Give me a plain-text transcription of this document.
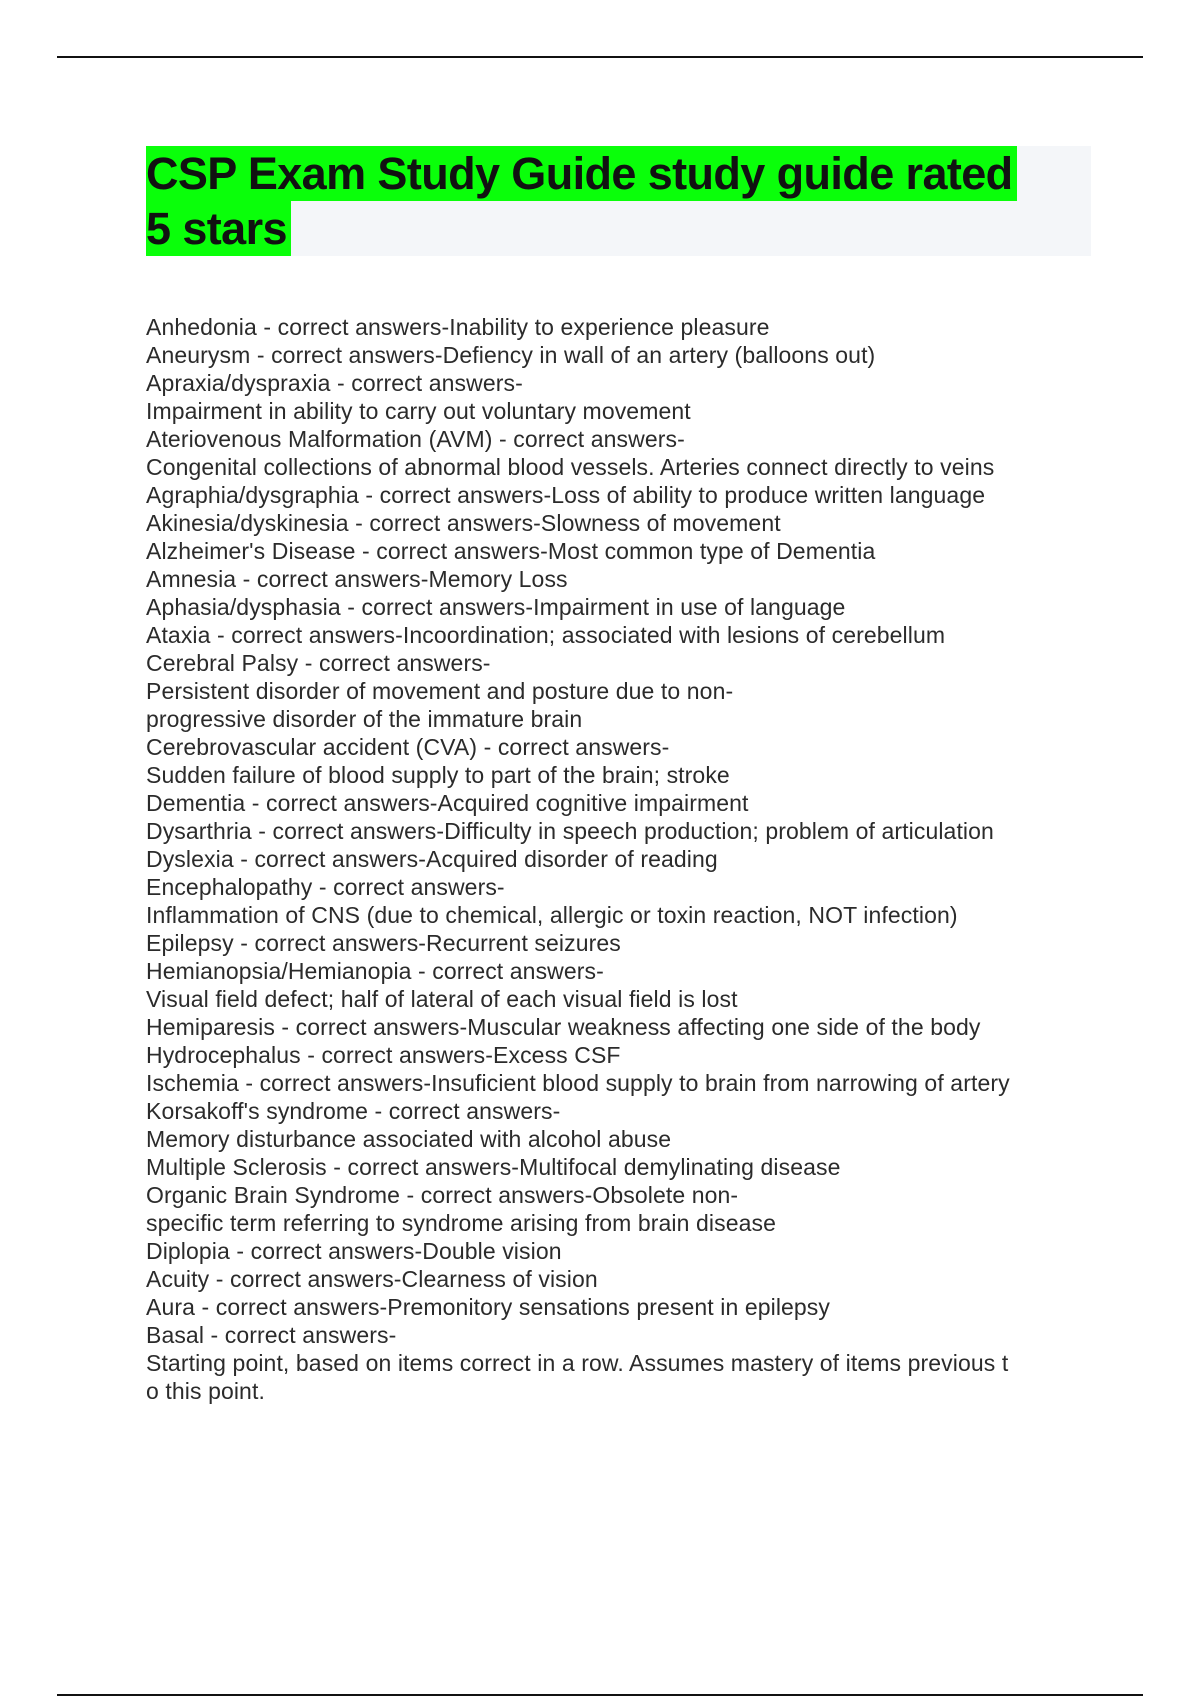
CSP Exam Study Guide study guide rated
5 stars
Anhedonia - correct answers-Inability to experience pleasure
Aneurysm - correct answers-Defiency in wall of an artery (balloons out)
Apraxia/dyspraxia - correct answers-
Impairment in ability to carry out voluntary movement
Ateriovenous Malformation (AVM) - correct answers-
Congenital collections of abnormal blood vessels. Arteries connect directly to veins
Agraphia/dysgraphia - correct answers-Loss of ability to produce written language
Akinesia/dyskinesia - correct answers-Slowness of movement
Alzheimer's Disease - correct answers-Most common type of Dementia
Amnesia - correct answers-Memory Loss
Aphasia/dysphasia - correct answers-Impairment in use of language
Ataxia - correct answers-Incoordination; associated with lesions of cerebellum
Cerebral Palsy - correct answers-
Persistent disorder of movement and posture due to non-
progressive disorder of the immature brain
Cerebrovascular accident (CVA) - correct answers-
Sudden failure of blood supply to part of the brain; stroke
Dementia - correct answers-Acquired cognitive impairment
Dysarthria - correct answers-Difficulty in speech production; problem of articulation
Dyslexia - correct answers-Acquired disorder of reading
Encephalopathy - correct answers-
Inflammation of CNS (due to chemical, allergic or toxin reaction, NOT infection)
Epilepsy - correct answers-Recurrent seizures
Hemianopsia/Hemianopia - correct answers-
Visual field defect; half of lateral of each visual field is lost
Hemiparesis - correct answers-Muscular weakness affecting one side of the body
Hydrocephalus - correct answers-Excess CSF
Ischemia - correct answers-Insuficient blood supply to brain from narrowing of artery
Korsakoff's syndrome - correct answers-
Memory disturbance associated with alcohol abuse
Multiple Sclerosis - correct answers-Multifocal demylinating disease
Organic Brain Syndrome - correct answers-Obsolete non-
specific term referring to syndrome arising from brain disease
Diplopia - correct answers-Double vision
Acuity - correct answers-Clearness of vision
Aura - correct answers-Premonitory sensations present in epilepsy
Basal - correct answers-
Starting point, based on items correct in a row. Assumes mastery of items previous t
o this point.
